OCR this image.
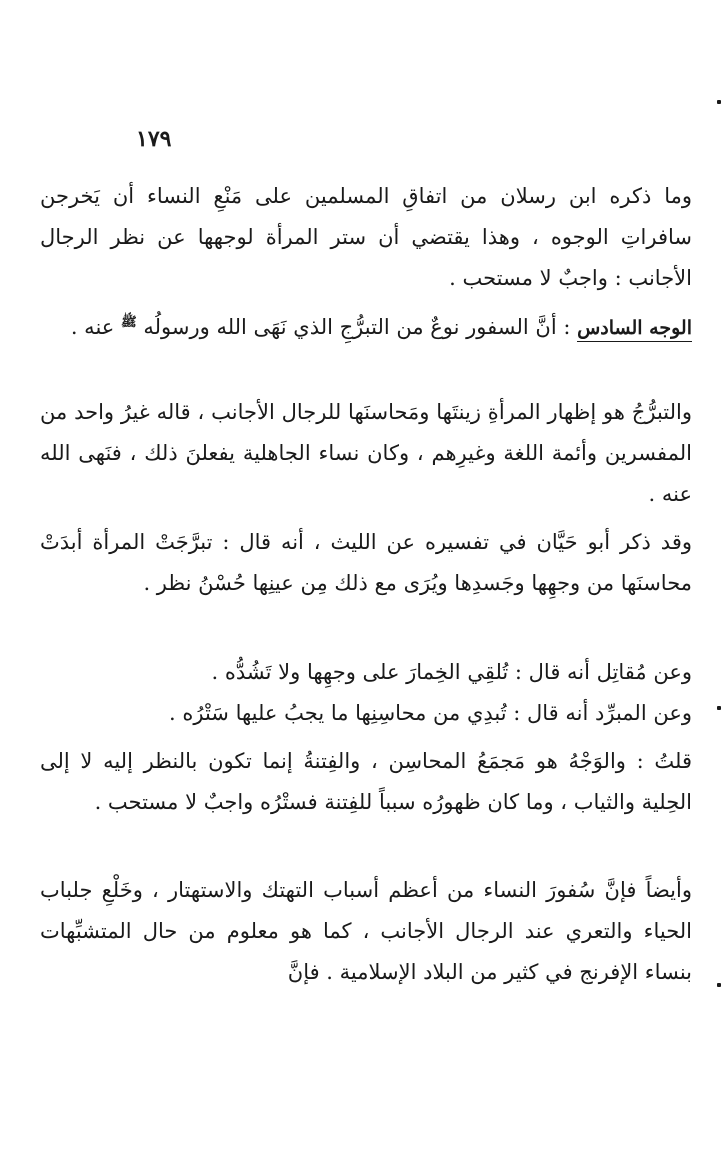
١٧٩

وما ذكره ابن رسلان من اتفاقِ المسلمين على مَنْعِ النساء أن يَخرجن سافراتِ الوجوه ، وهذا يقتضي أن ستر المرأة لوجهها عن نظر الرجال الأجانب : واجبٌ لا مستحب .

الوجه السادس : أنَّ السفور نوعٌ من التبرُّجِ الذي نَهَى الله ورسولُه $^ﷺ$ عنه .

والتبرُّجُ هو إظهار المرأةِ زينتَها ومَحاسنَها للرجال الأجانب ، قاله غيرُ واحد من المفسرين وأئمة اللغة وغيرِهم ، وكان نساء الجاهلية يفعلنَ ذلك ، فنَهى الله عنه .

وقد ذكر أبو حَيَّان في تفسيره عن الليث ، أنه قال : تبرَّجَتْ المرأة أبدَتْ محاسنَها من وجهِها وجَسدِها ويُرَى مع ذلك مِن عينِها حُسْنُ نظر .

وعن مُقاتِل أنه قال : تُلقِي الخِمارَ على وجهِها ولا تَشُدُّه .

وعن المبرِّد أنه قال : تُبدِي من محاسِنِها ما يجبُ عليها سَتْرُه .

قلتُ : والوَجْهُ هو مَجمَعُ المحاسِن ، والفِتنةُ إنما تكون بالنظر إليه لا إلى الحِلية والثياب ، وما كان ظهورُه سبباً للفِتنة فستْرُه واجبٌ لا مستحب .

وأيضاً فإنَّ سُفورَ النساء من أعظم أسباب التهتك والاستهتار ، وخَلْعِ جلباب الحياء والتعري عند الرجال الأجانب ، كما هو معلوم من حال المتشبِّهات بنساء الإفرنج في كثير من البلاد الإسلامية . فإنَّ
